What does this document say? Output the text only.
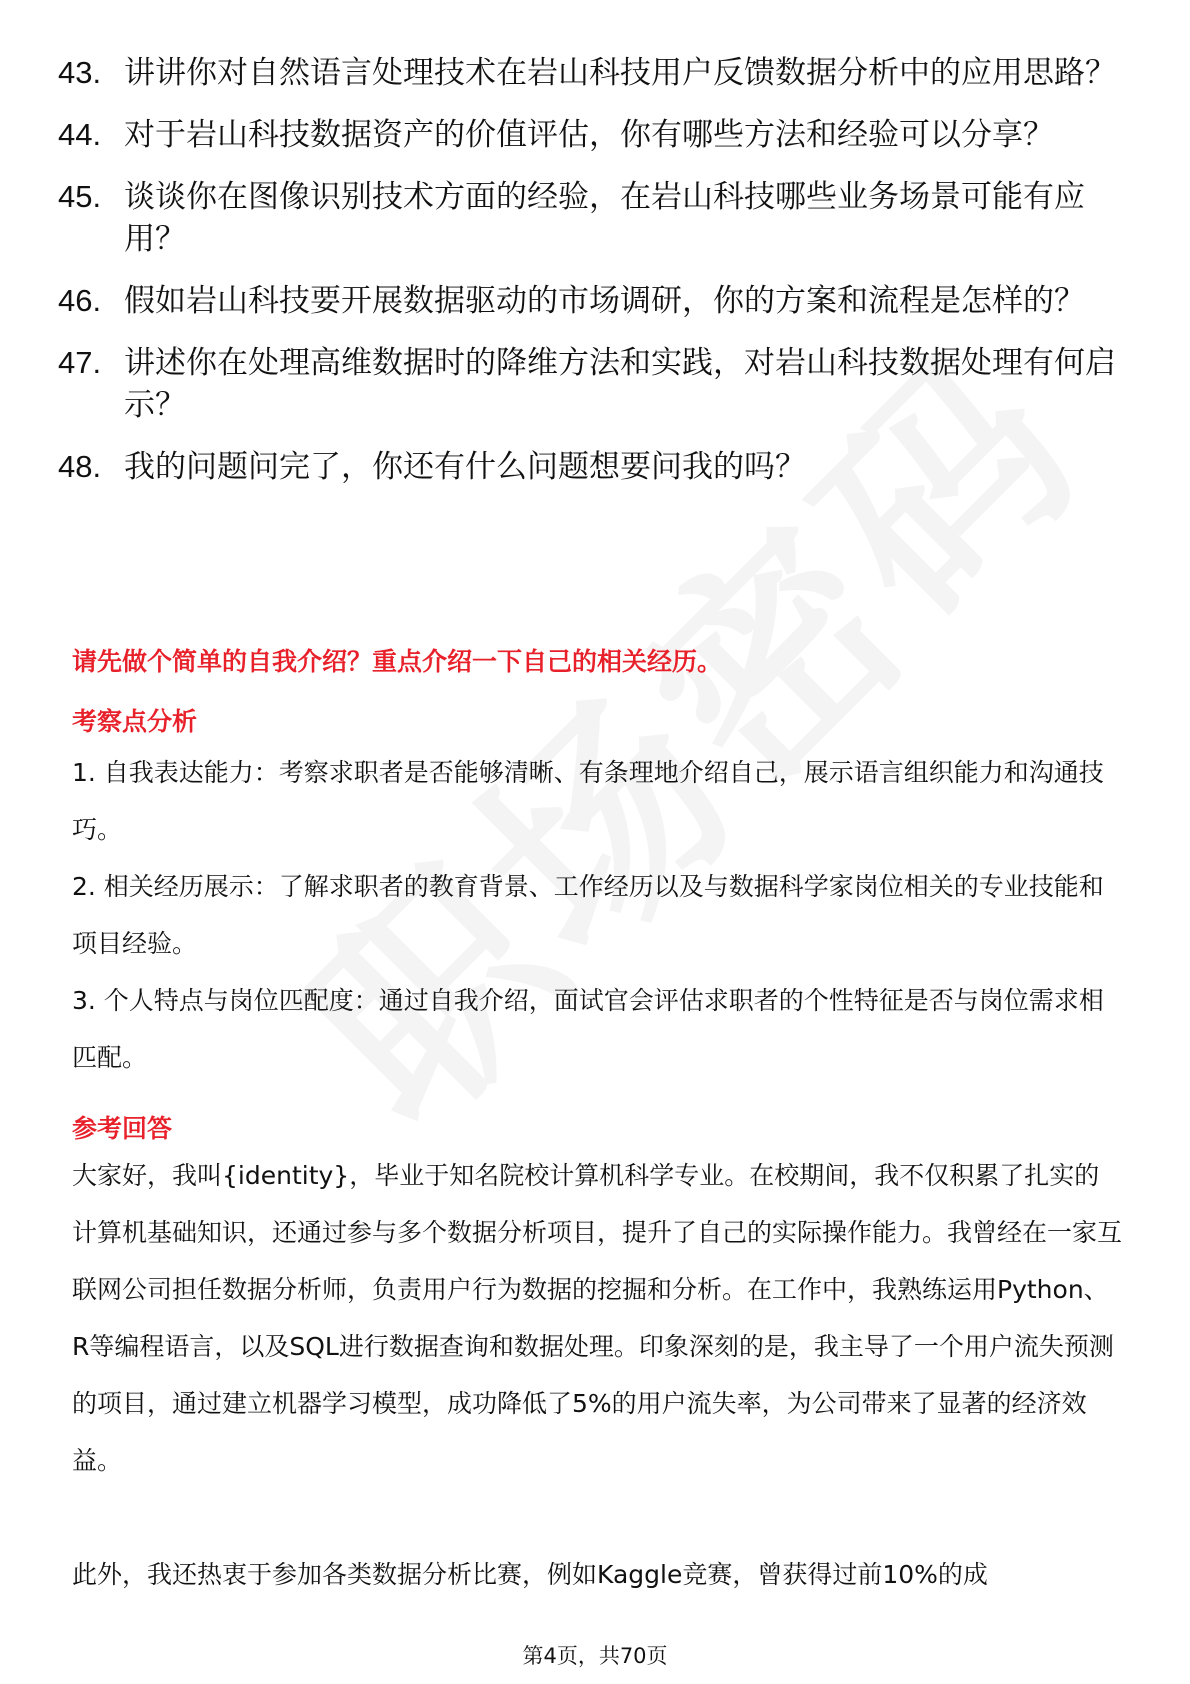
43. 讲讲你对自然语言处理技术在岩山科技用户反馈数据分析中的应用思路？
44. 对于岩山科技数据资产的价值评估，你有哪些方法和经验可以分享？
45. 谈谈你在图像识别技术方面的经验，在岩山科技哪些业务场景可能有应用？
46. 假如岩山科技要开展数据驱动的市场调研，你的方案和流程是怎样的？
47. 讲述你在处理高维数据时的降维方法和实践，对岩山科技数据处理有何启示？
48. 我的问题问完了，你还有什么问题想要问我的吗？
请先做个简单的自我介绍？重点介绍一下自己的相关经历。
考察点分析

1. 自我表达能力：考察求职者是否能够清晰、有条理地介绍自己，展示语言组织能力和沟通技巧。

2. 相关经历展示：了解求职者的教育背景、工作经历以及与数据科学家岗位相关的专业技能和项目经验。

3. 个人特点与岗位匹配度：通过自我介绍，面试官会评估求职者的个性特征是否与岗位需求相匹配。

参考回答

大家好，我叫{identity}，毕业于知名院校计算机科学专业。在校期间，我不仅积累了扎实的计算机基础知识，还通过参与多个数据分析项目，提升了自己的实际操作能力。我曾经在一家互联网公司担任数据分析师，负责用户行为数据的挖掘和分析。在工作中，我熟练运用Python、R等编程语言，以及SQL进行数据查询和数据处理。印象深刻的是，我主导了一个用户流失预测的项目，通过建立机器学习模型，成功降低了5%的用户流失率，为公司带来了显著的经济效益。

此外，我还热衷于参加各类数据分析比赛，例如Kaggle竞赛，曾获得过前10%的成

第4页，共70页
